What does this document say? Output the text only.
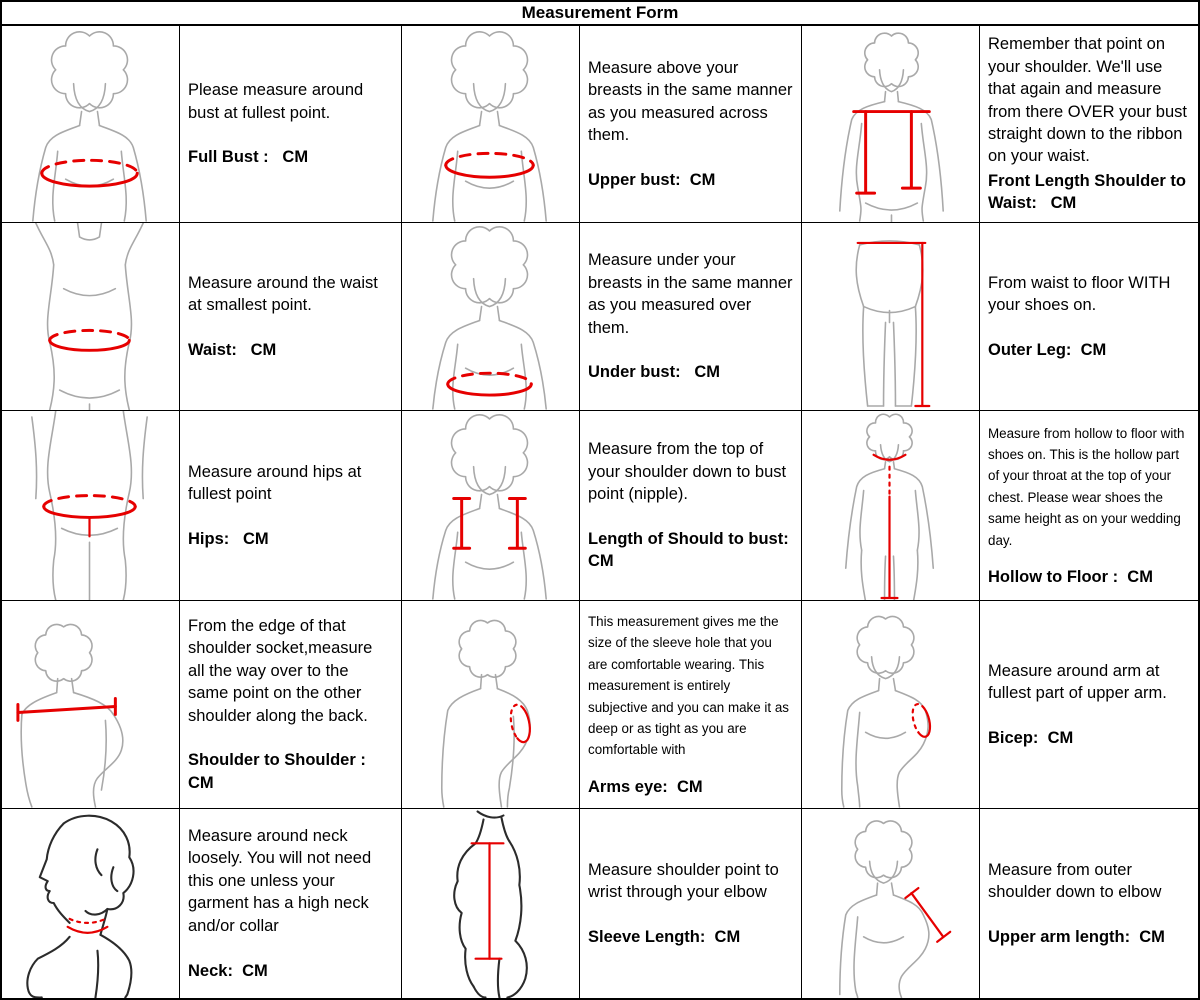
Measurement Form
Please measure around bust at fullest point.
Full Bust :   CM
Measure above your breasts in the same manner as you measured across them.
Upper bust:  CM
Remember that point on your shoulder. We'll use that again and measure from there OVER your bust straight down to the ribbon on your waist.
Front Length Shoulder to Waist:   CM
Measure around the waist at smallest point.
Waist:   CM
Measure under your breasts in the same manner as you measured over them.
Under bust:   CM
From waist to floor WITH your shoes on.
Outer Leg:  CM
Measure around hips at fullest point
Hips:   CM
Measure from the top of your shoulder down to bust point (nipple).
Length of Should to bust:  CM
Measure from hollow to floor with shoes on. This is the hollow part of your throat at the top of your chest. Please wear shoes the same height as on your wedding day.
Hollow to Floor :  CM
From the edge of that shoulder socket,measure all the way over to the same point on the other shoulder along the back.
Shoulder to Shoulder : CM
This measurement gives me the size of the sleeve hole that you are comfortable wearing. This measurement is entirely subjective and you can make it as deep or as tight as you are comfortable with
Arms eye:  CM
Measure around arm at fullest part of upper arm.
Bicep:  CM
Measure around neck loosely. You will not need this one unless your garment has a high neck and/or collar
Neck:  CM
Measure shoulder point to wrist through your elbow
Sleeve Length:  CM
Measure from outer shoulder down to elbow
Upper arm length:  CM
